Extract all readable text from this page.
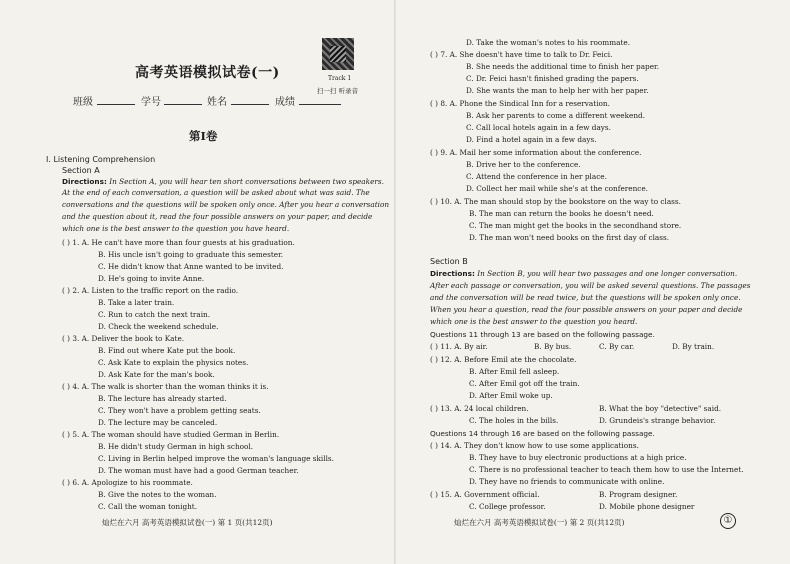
高考英语模拟试卷(一)	Track 1
扫一扫 听录音
班级	学号	姓名	成绩
第Ⅰ卷
Ⅰ. Listening Comprehension
Section A
Directions: In Section A, you will hear ten short conversations between two speakers.
At the end of each conversation, a question will be asked about what was said. The
conversations and the questions will be spoken only once. After you hear a conversation
and the question about it, read the four possible answers on your paper, and decide
which one is the best answer to the question you have heard.
( ) 1. A. He can't have more than four guests at his graduation.
B. His uncle isn't going to graduate this semester.
C. He didn't know that Anne wanted to be invited.
D. He's going to invite Anne.
( ) 2. A. Listen to the traffic report on the radio.
B. Take a later train.
C. Run to catch the next train.
D. Check the weekend schedule.
( ) 3. A. Deliver the book to Kate.
B. Find out where Kate put the book.
C. Ask Kate to explain the physics notes.
D. Ask Kate for the man's book.
( ) 4. A. The walk is shorter than the woman thinks it is.
B. The lecture has already started.
C. They won't have a problem getting seats.
D. The lecture may be canceled.
( ) 5. A. The woman should have studied German in Berlin.
B. He didn't study German in high school.
C. Living in Berlin helped improve the woman's language skills.
D. The woman must have had a good German teacher.
( ) 6. A. Apologize to his roommate.
B. Give the notes to the woman.
C. Call the woman tonight.
灿烂在六月 高考英语模拟试卷(一) 第 1 页(共12页)
D. Take the woman's notes to his roommate.
( ) 7. A. She doesn't have time to talk to Dr. Feici.
B. She needs the additional time to finish her paper.
C. Dr. Feici hasn't finished grading the papers.
D. She wants the man to help her with her paper.
( ) 8. A. Phone the Sindical Inn for a reservation.
B. Ask her parents to come a different weekend.
C. Call local hotels again in a few days.
D. Find a hotel again in a few days.
( ) 9. A. Mail her some information about the conference.
B. Drive her to the conference.
C. Attend the conference in her place.
D. Collect her mail while she's at the conference.
( ) 10. A. The man should stop by the bookstore on the way to class.
B. The man can return the books he doesn't need.
C. The man might get the books in the secondhand store.
D. The man won't need books on the first day of class.
Section B
Directions: In Section B, you will hear two passages and one longer conversation.
After each passage or conversation, you will be asked several questions. The passages
and the conversation will be read twice, but the questions will be spoken only once.
When you hear a question, read the four possible answers on your paper and decide
which one is the best answer to the question you heard.
Questions 11 through 13 are based on the following passage.
( ) 11. A. By air.	B. By bus.	C. By car.	D. By train.
( ) 12. A. Before Emil ate the chocolate.
B. After Emil fell asleep.
C. After Emil got off the train.
D. After Emil woke up.
( ) 13. A. 24 local children.	B. What the boy "detective" said.
C. The holes in the bills.	D. Grundeis's strange behavior.
Questions 14 through 16 are based on the following passage.
( ) 14. A. They don't know how to use some applications.
B. They have to buy electronic productions at a high price.
C. There is no professional teacher to teach them how to use the Internet.
D. They have no friends to communicate with online.
( ) 15. A. Government official.	B. Program designer.
C. College professor.	D. Mobile phone designer
灿烂在六月 高考英语模拟试卷(一) 第 2 页(共12页)	①
